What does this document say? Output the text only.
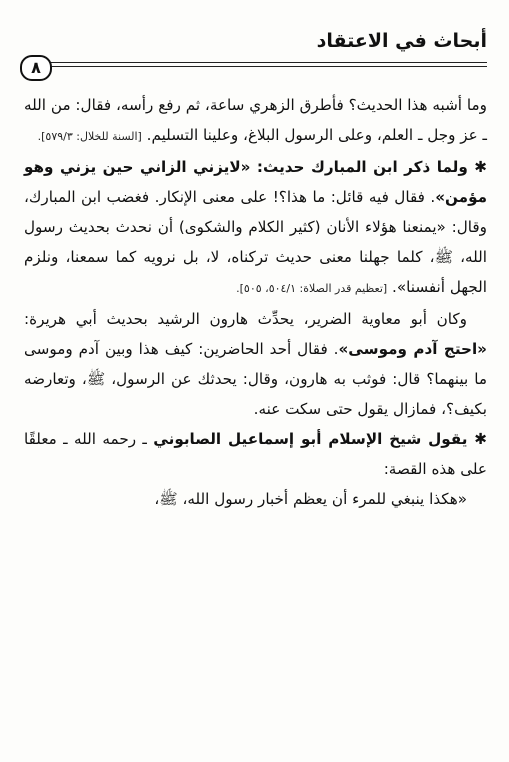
أبحاث في الاعتقاد
٨

وما أشبه هذا الحديث؟ فأطرق الزهري ساعة، ثم رفع رأسه، فقال: من الله ـ عز وجل ـ العلم، وعلى الرسول البلاغ، وعلينا التسليم. [السنة للخلال: ٥٧٩/٣].

✱ ولما ذكر ابن المبارك حديث: «لايزني الزاني حين يزني وهو مؤمن». فقال فيه قائل: ما هذا؟! على معنى الإنكار. فغضب ابن المبارك، وقال: «يمنعنا هؤلاء الأنان (كثير الكلام والشكوى) أن نحدث بحديث رسول الله، ﷺ، كلما جهلنا معنى حديث تركناه، لا، بل نرويه كما سمعنا، ونلزم الجهل أنفسنا». [تعظيم قدر الصلاة: ٥٠٤/١، ٥٠٥].

وكان أبو معاوية الضرير، يحدِّث هارون الرشيد بحديث أبي هريرة: «احتج آدم وموسى». فقال أحد الحاضرين: كيف هذا وبين آدم وموسى ما بينهما؟ قال: فوثب به هارون، وقال: يحدثك عن الرسول، ﷺ، وتعارضه بكيف؟، فمازال يقول حتى سكت عنه.

✱ يقول شيخ الإسلام أبو إسماعيل الصابوني ـ رحمه الله ـ معلقًا على هذه القصة:

«هكذا ينبغي للمرء أن يعظم أخبار رسول الله، ﷺ،
